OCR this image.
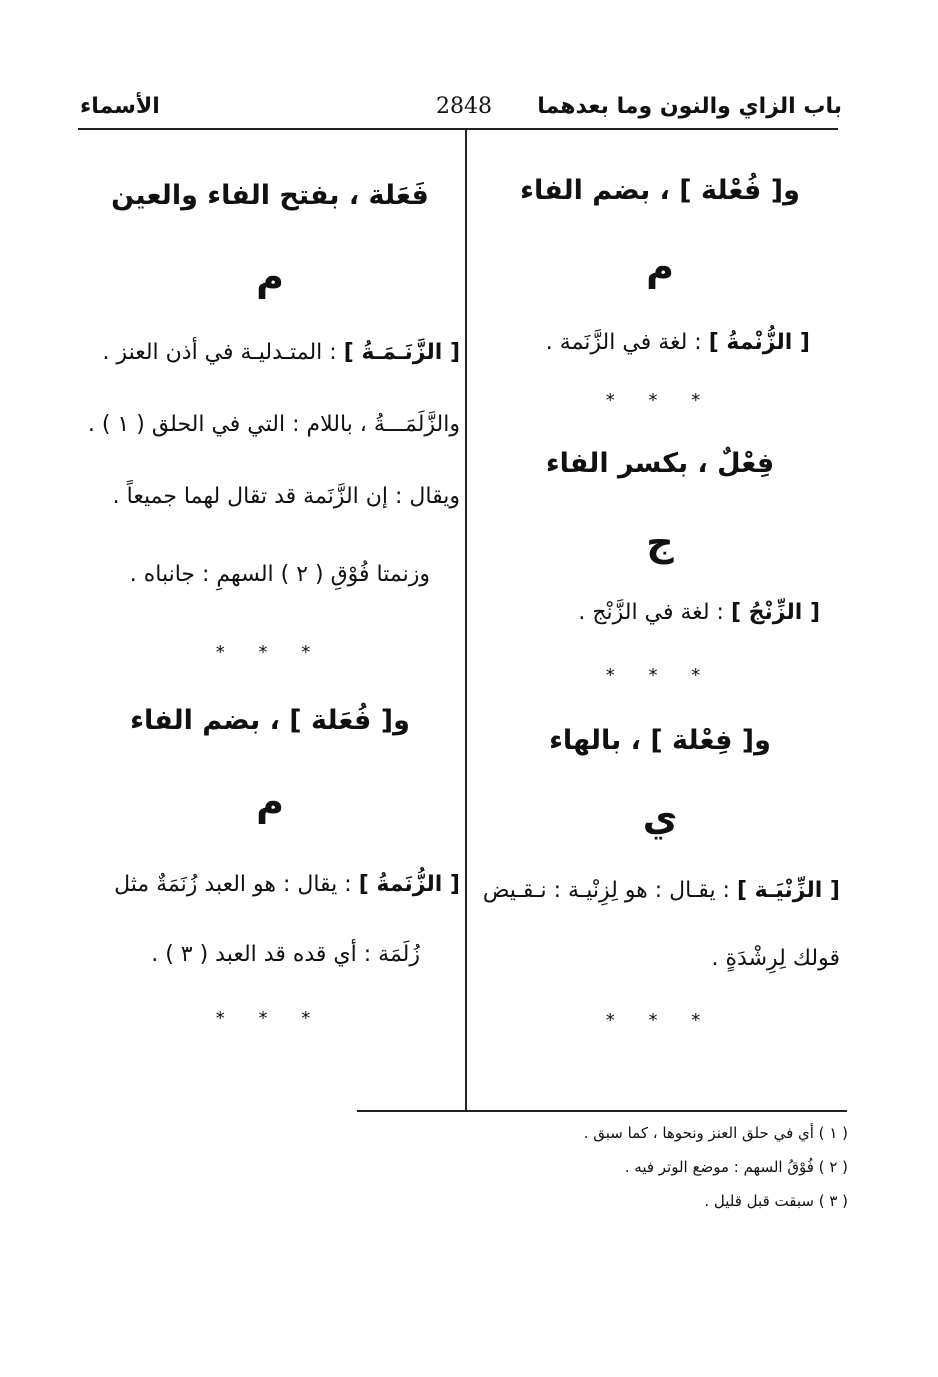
باب الزاي والنون وما بعدهما
2848
الأسماء
و[ فُعْلة ] ، بضم الفاء
م
[ الزُّنْمةُ ] : لغة في الزَّنَمة .
* * *
فِعْلٌ ، بكسر الفاء
ج
[ الزِّنْجُ ] : لغة في الزَّنْج .
* * *
و[ فِعْلة ] ، بالهاء
ي
[ الزِّنْيَـة ] : يقـال : هو لِزِنْيـة : نـقـيض
قولك لِرِشْدَةٍ .
* * *
فَعَلة ، بفتح الفاء والعين
م
[ الزَّنَـمَـةُ ] : المتـدليـة في أذن العنز .
والزَّلَمَـــةُ ، باللام : التي في الحلق ( ١ ) .
ويقال : إن الزَّنَمة قد تقال لهما جميعاً .
وزنمتا فُوْقِ ( ٢ ) السهمِ : جانباه .
* * *
و[ فُعَلة ] ، بضم الفاء
م
[ الزُّنَمةُ ] : يقال : هو العبد زُنَمَةٌ مثل
زُلَمَة : أي قده قد العبد ( ٣ ) .
* * *
( ١ ) أي في حلق العنز ونحوها ، كما سبق .
( ٢ ) فُوْقُ السهم : موضع الوتر فيه .
( ٣ ) سبقت قبل قليل .
